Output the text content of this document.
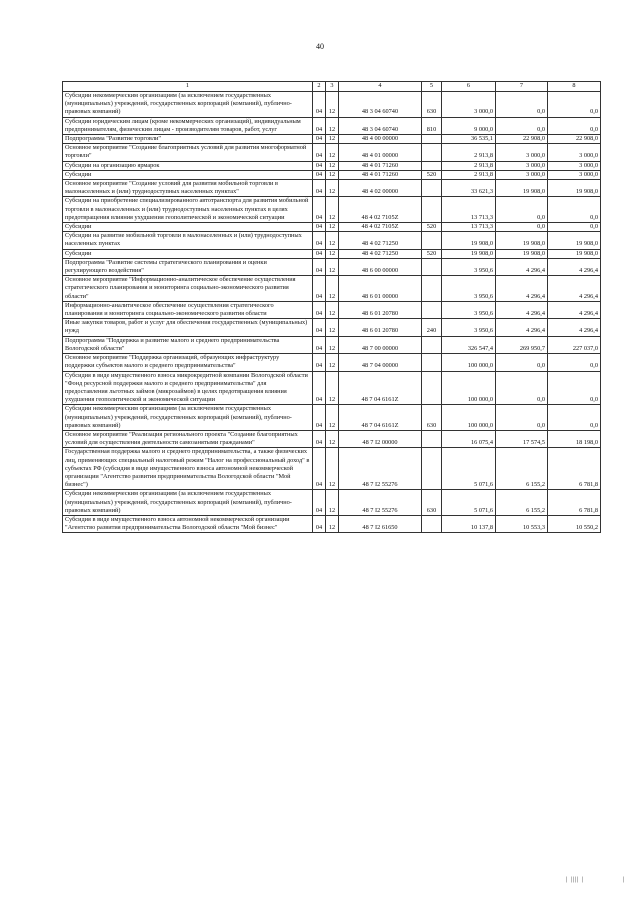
40
1	2	3	4	5	6	7	8
Субсидии некоммерческим организациям (за исключением государственных (муниципальных) учреждений, государственных корпораций (компаний), публично-правовых компаний)	04	12	48 3 04 60740	630	3 000,0	0,0	0,0
Субсидии юридическим лицам (кроме некоммерческих организаций), индивидуальным предпринимателям, физическим лицам - производителям товаров, работ, услуг	04	12	48 3 04 60740	810	9 000,0	0,0	0,0
Подпрограмма "Развитие торговли"	04	12	48 4 00 00000		36 535,1	22 908,0	22 908,0
Основное мероприятие "Создание благоприятных условий для развития многоформатной торговли"	04	12	48 4 01 00000		2 913,8	3 000,0	3 000,0
Субсидии на организацию ярмарок	04	12	48 4 01 71260		2 913,8	3 000,0	3 000,0
Субсидии	04	12	48 4 01 71260	520	2 913,8	3 000,0	3 000,0
Основное мероприятие "Создание условий для развития мобильной торговли в малонаселенных и (или) труднодоступных населенных пунктах"	04	12	48 4 02 00000		33 621,3	19 908,0	19 908,0
Субсидии на приобретение специализированного автотранспорта для развития мобильной торговли в малонаселенных и (или) труднодоступных населенных пунктах в целях предотвращения влияния ухудшения геополитической и экономической ситуации	04	12	48 4 02 7105Z		13 713,3	0,0	0,0
Субсидии	04	12	48 4 02 7105Z	520	13 713,3	0,0	0,0
Субсидии на развитие мобильной торговли в малонаселенных и (или) труднодоступных населенных пунктах	04	12	48 4 02 71250		19 908,0	19 908,0	19 908,0
Субсидии	04	12	48 4 02 71250	520	19 908,0	19 908,0	19 908,0
Подпрограмма "Развитие системы стратегического планирования и оценки регулирующего воздействия"	04	12	48 6 00 00000		3 950,6	4 296,4	4 296,4
Основное мероприятие "Информационно-аналитическое обеспечение осуществления стратегического планирования и мониторинга социально-экономического развития области"	04	12	48 6 01 00000		3 950,6	4 296,4	4 296,4
Информационно-аналитическое обеспечение осуществления стратегического планирования и мониторинга социально-экономического развития области	04	12	48 6 01 20780		3 950,6	4 296,4	4 296,4
Иные закупки товаров, работ и услуг для обеспечения государственных (муниципальных) нужд	04	12	48 6 01 20780	240	3 950,6	4 296,4	4 296,4
Подпрограмма "Поддержка и развитие малого и среднего предпринимательства Вологодской области"	04	12	48 7 00 00000		326 547,4	269 950,7	227 037,0
Основное мероприятие "Поддержка организаций, образующих инфраструктуру поддержки субъектов малого и среднего предпринимательства"	04	12	48 7 04 00000		100 000,0	0,0	0,0
Субсидия в виде имущественного взноса микрокредитной компании Вологодской области "Фонд ресурсной поддержки малого и среднего предпринимательства" для предоставления льготных займов (микрозаймов) в целях предотвращения влияния ухудшения геополитической и экономической ситуации	04	12	48 7 04 6161Z		100 000,0	0,0	0,0
Субсидии некоммерческим организациям (за исключением государственных (муниципальных) учреждений, государственных корпораций (компаний), публично-правовых компаний)	04	12	48 7 04 6161Z	630	100 000,0	0,0	0,0
Основное мероприятие "Реализация регионального проекта "Создание благоприятных условий для осуществления деятельности самозанятыми гражданами"	04	12	48 7 I2 00000		16 075,4	17 574,5	18 198,0
Государственная поддержка малого и среднего предпринимательства, а также физических лиц, применяющих специальный налоговый режим "Налог на профессиональный доход" в субъектах РФ (субсидия в виде имущественного взноса автономной некоммерческой организации "Агентство развития предпринимательства Вологодской области "Мой бизнес")	04	12	48 7 I2 55276		5 071,6	6 155,2	6 781,8
Субсидии некоммерческим организациям (за исключением государственных (муниципальных) учреждений, государственных корпораций (компаний), публично-правовых компаний)	04	12	48 7 I2 55276	630	5 071,6	6 155,2	6 781,8
Субсидия в виде имущественного взноса автономной некоммерческой организации "Агентство развития предпринимательства Вологодской области "Мой бизнес"	04	12	48 7 I2 61650		10 137,8	10 553,3	10 550,2
| |||| |	|
